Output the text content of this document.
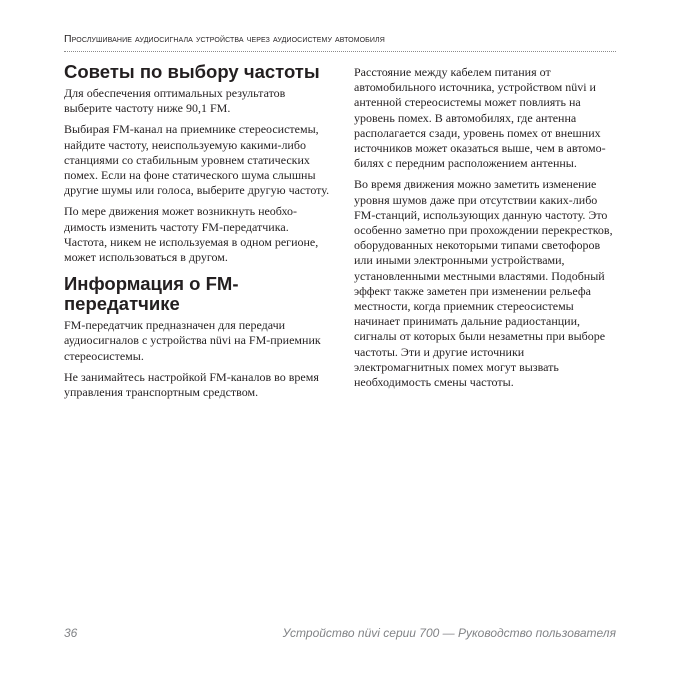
Прослушивание аудиосигнала устройства через аудиосистему автомобиля
Советы по выбору частоты

Для обеспечения оптимальных результатов выберите частоту ниже 90,1 FM.

Выбирая FM-канал на приемнике стереосистемы, найдите частоту, неиспользуемую какими-либо станциями со стабильным уровнем статических помех. Если на фоне статического шума слышны другие шумы или голоса, выберите другую частоту.

По мере движения может возникнуть необхо-димость изменить частоту FM-передатчика. Частота, никем не используемая в одном регионе, может использоваться в другом.

Информация о FM-передатчике

FM-передатчик предназначен для передачи аудиосигналов с устройства nüvi на FM-приемник стереосистемы.

Не занимайтесь настройкой FM-каналов во время управления транспортным средством.

Расстояние между кабелем питания от автомобильного источника, устройством nüvi и антенной стереосистемы может повлиять на уровень помех. В автомобилях, где антенна располагается сзади, уровень помех от внешних источников может оказаться выше, чем в автомо-билях с передним расположением антенны.

Во время движения можно заметить изменение уровня шумов даже при отсутствии каких-либо FM-станций, использующих данную частоту. Это особенно заметно при прохождении перекрестков, оборудованных некоторыми типами светофоров или иными электронными устройствами, установленными местными властями. Подобный эффект также заметен при изменении рельефа местности, когда приемник стереосистемы начинает принимать дальние радиостанции, сигналы от которых были незаметны при выборе частоты. Эти и другие источники электромагнитных помех могут вызвать необходимость смены частоты.

36	Устройство nüvi серии 700 — Руководство пользователя
